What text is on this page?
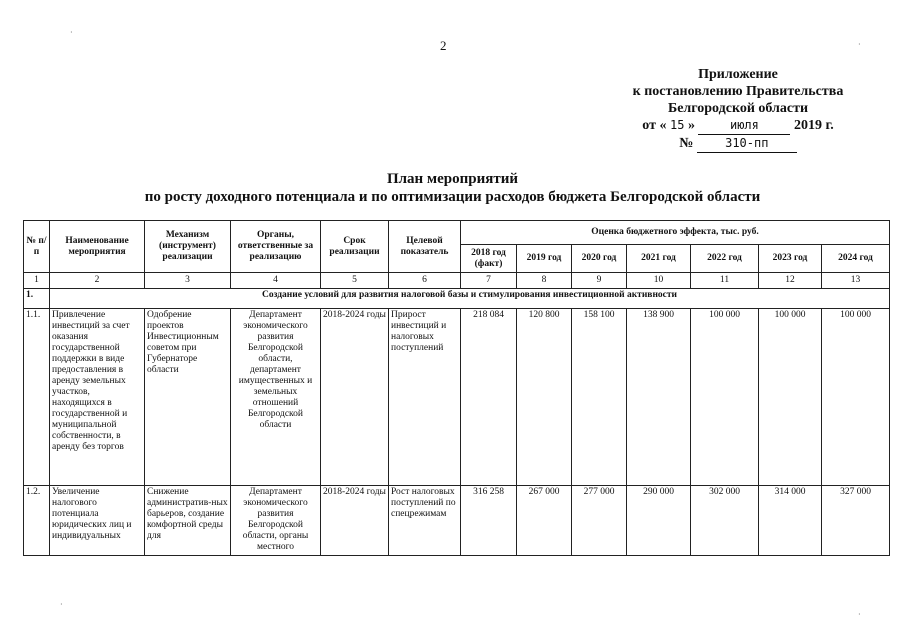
2
Приложение
к постановлению Правительства
Белгородской области
от « 15 »	июля	2019 г.
№	310-пп
План мероприятий
по росту доходного потенциала и по оптимизации расходов бюджета Белгородской области
№ п/п	Наименование мероприятия	Механизм (инструмент) реализации	Органы, ответственные за реализацию	Срок реализации	Целевой показатель	Оценка бюджетного эффекта, тыс. руб.						
						2018 год (факт)	2019 год	2020 год	2021 год	2022 год	2023 год	2024 год
1	2	3	4	5	6	7	8	9	10	11	12	13
1.	Создание условий для развития налоговой базы и стимулирования инвестиционной активности											
1.1.	Привлечение инвестиций за счет оказания государственной поддержки в виде предоставления в аренду земельных участков, находящихся в государственной и муниципальной собственности, в аренду без торгов	Одобрение проектов Инвестиционным советом при Губернаторе области	Департамент экономического развития Белгородской области, департамент имущественных и земельных отношений Белгородской области	2018-2024 годы	Прирост инвестиций и налоговых поступлений	218 084	120 800	158 100	138 900	100 000	100 000	100 000
1.2.	Увеличение налогового потенциала юридических лиц и индивидуальных	Снижение административ-ных барьеров, создание комфортной среды для	Департамент экономического развития Белгородской области, органы местного	2018-2024 годы	Рост налоговых поступлений по спецрежимам	316 258	267 000	277 000	290 000	302 000	314 000	327 000
·
·
·
·
